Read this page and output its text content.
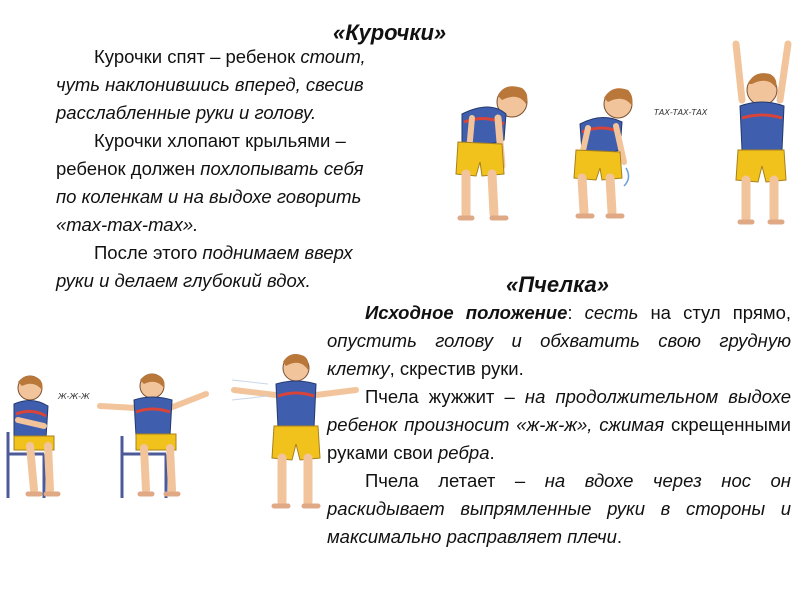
«Курочки»

Курочки спят – ребенок стоит,

чуть наклонившись вперед, свесив

расслабленные руки и голову.

Курочки хлопают крыльями –

ребенок должен похлопывать себя

по коленкам и на выдохе говорить

«тах-тах-тах».

После этого поднимаем вверх

руки и делаем глубокий вдох.

ТАХ-ТАХ-ТАХ
«Пчелка»

Исходное положение: сесть на стул прямо, опустить голову и обхватить свою грудную клетку, скрестив руки.

Пчела жужжит – на продолжительном выдохе ребенок произносит «ж-ж-ж», сжимая скрещенными руками свои ребра.

Пчела летает – на вдохе через нос он раскидывает выпрямленные руки в стороны и максимально расправляет плечи.

Ж-Ж-Ж
